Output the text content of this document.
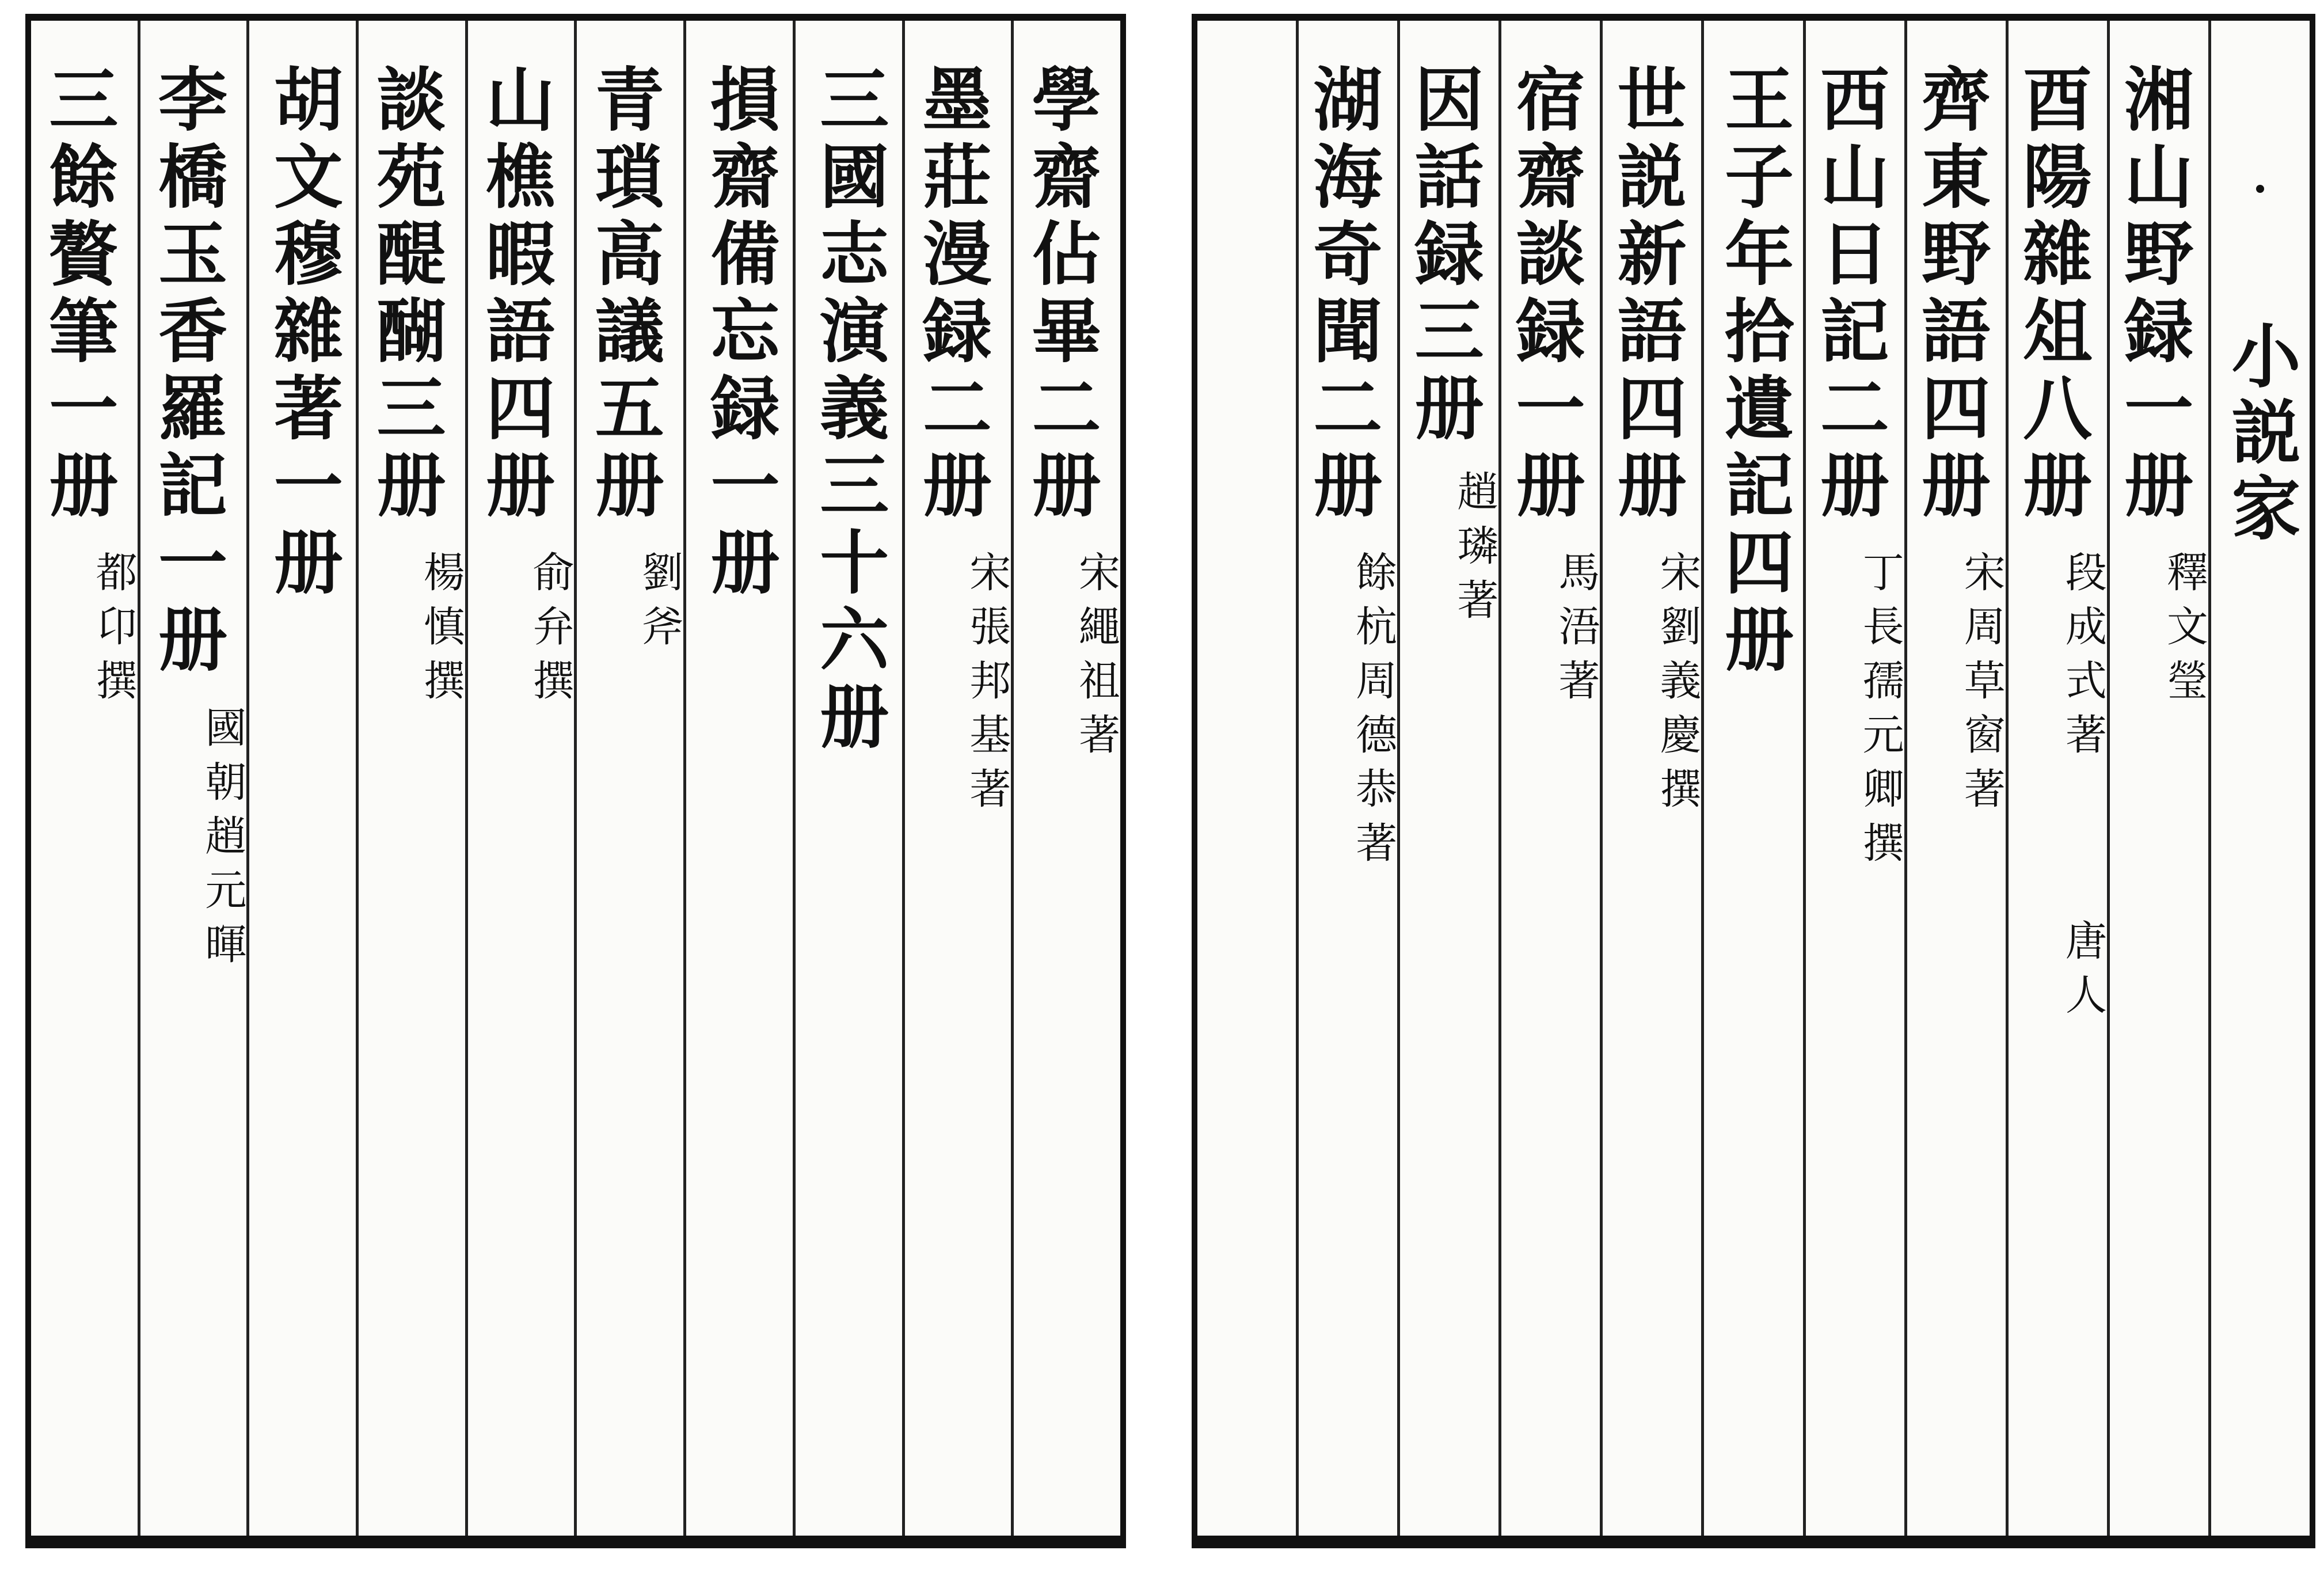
小説家
湘山野録一册
釋文瑩
酉陽雜俎八册
段成式著
唐人
齊東野語四册
宋周草窗著
西山日記二册
丁長孺元卿撰
王子年拾遺記四册
世説新語四册
宋劉義慶撰
宿齋談録一册
馬浯著
因話録三册
趙璘著
湖海奇聞二册
餘杭周德恭著
學齋佔畢二册
宋繩祖著
墨莊漫録二册
宋張邦基著
三國志演義三十六册
損齋備忘録一册
青瑣高議五册
劉斧
山樵暇語四册
俞弁撰
談苑醍醐三册
楊慎撰
胡文穆雜著一册
李橋玉香羅記一册
國朝趙元暉
三餘贅筆一册
都卬撰
